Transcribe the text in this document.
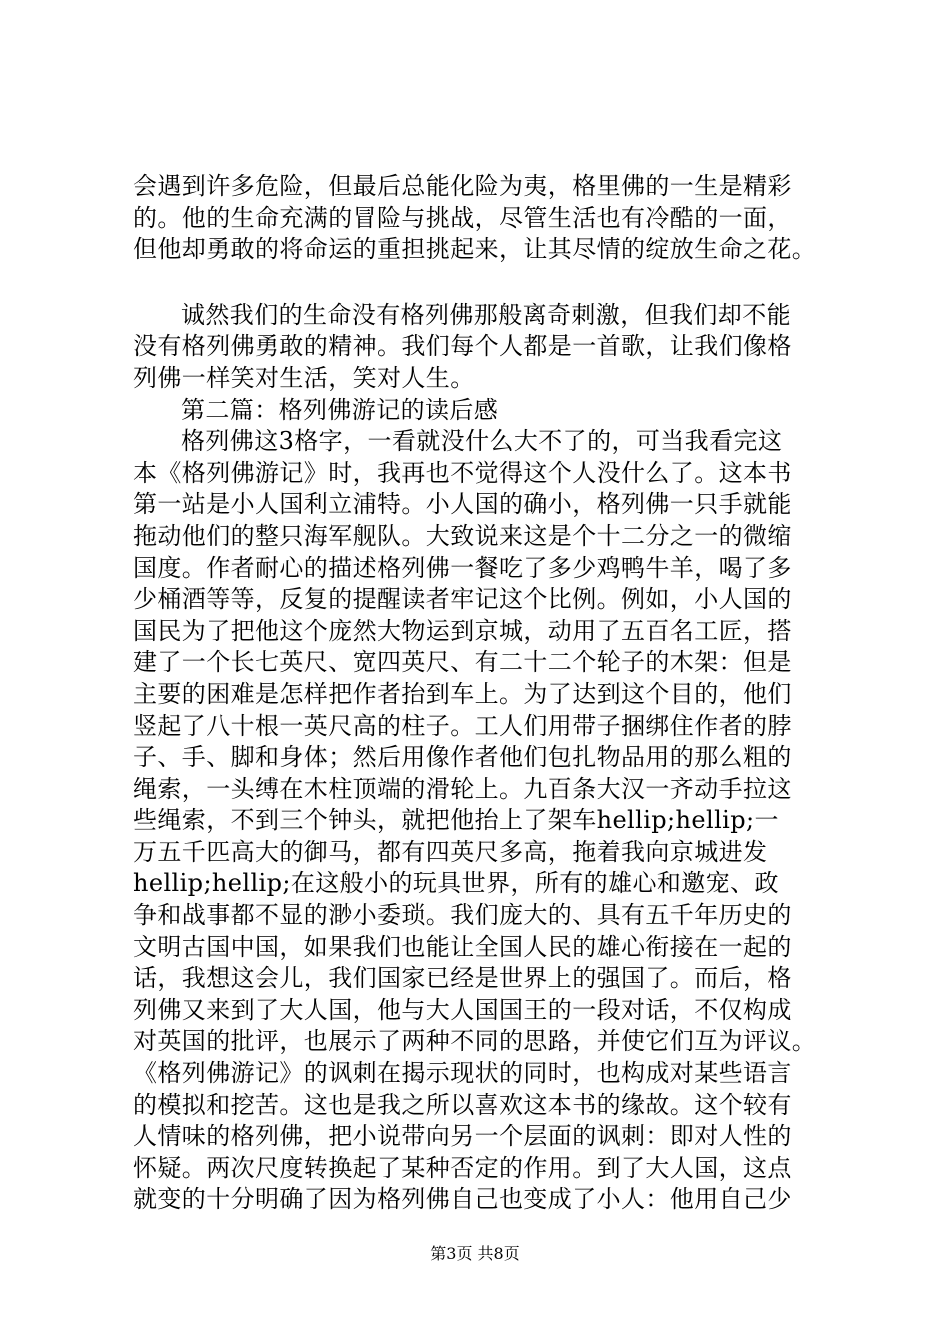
会遇到许多危险，但最后总能化险为夷，格里佛的一生是精彩
的。他的生命充满的冒险与挑战，尽管生活也有冷酷的一面，
但他却勇敢的将命运的重担挑起来，让其尽情的绽放生命之花。
诚然我们的生命没有格列佛那般离奇刺激，但我们却不能
没有格列佛勇敢的精神。我们每个人都是一首歌，让我们像格
列佛一样笑对生活，笑对人生。
第二篇：格列佛游记的读后感
格列佛这3格字，一看就没什么大不了的，可当我看完这
本《格列佛游记》时，我再也不觉得这个人没什么了。这本书
第一站是小人国利立浦特。小人国的确小，格列佛一只手就能
拖动他们的整只海军舰队。大致说来这是个十二分之一的微缩
国度。作者耐心的描述格列佛一餐吃了多少鸡鸭牛羊，喝了多
少桶酒等等，反复的提醒读者牢记这个比例。例如，小人国的
国民为了把他这个庞然大物运到京城，动用了五百名工匠，搭
建了一个长七英尺、宽四英尺、有二十二个轮子的木架：但是
主要的困难是怎样把作者抬到车上。为了达到这个目的，他们
竖起了八十根一英尺高的柱子。工人们用带子捆绑住作者的脖
子、手、脚和身体；然后用像作者他们包扎物品用的那么粗的
绳索，一头缚在木柱顶端的滑轮上。九百条大汉一齐动手拉这
些绳索，不到三个钟头，就把他抬上了架车hellip;hellip;一
万五千匹高大的御马，都有四英尺多高，拖着我向京城进发
hellip;hellip;在这般小的玩具世界，所有的雄心和邀宠、政
争和战事都不显的渺小委琐。我们庞大的、具有五千年历史的
文明古国中国，如果我们也能让全国人民的雄心衔接在一起的
话，我想这会儿，我们国家已经是世界上的强国了。而后，格
列佛又来到了大人国，他与大人国国王的一段对话，不仅构成
对英国的批评，也展示了两种不同的思路，并使它们互为评议。
《格列佛游记》的讽刺在揭示现状的同时，也构成对某些语言
的模拟和挖苦。这也是我之所以喜欢这本书的缘故。这个较有
人情味的格列佛，把小说带向另一个层面的讽刺：即对人性的
怀疑。两次尺度转换起了某种否定的作用。到了大人国，这点
就变的十分明确了因为格列佛自己也变成了小人：他用自己少
第3页 共8页
